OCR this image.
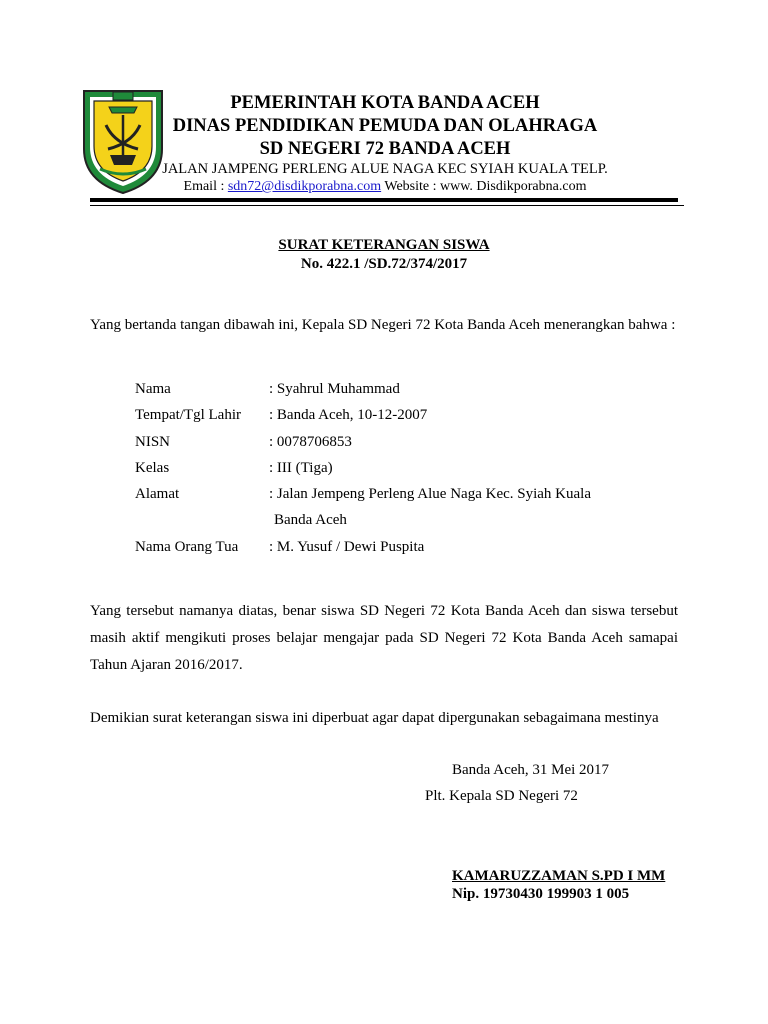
PEMERINTAH KOTA BANDA ACEH
DINAS PENDIDIKAN PEMUDA DAN OLAHRAGA
SD NEGERI 72 BANDA ACEH
JALAN JAMPENG PERLENG ALUE NAGA KEC SYIAH KUALA TELP.
Email : sdn72@disdikporabna.com Website : www. Disdikporabna.com
SURAT KETERANGAN SISWA
No. 422.1 /SD.72/374/2017
Yang bertanda tangan dibawah ini, Kepala SD Negeri 72 Kota Banda Aceh menerangkan bahwa :
Nama	: Syahrul Muhammad
Tempat/Tgl Lahir : Banda Aceh, 10-12-2007
NISN	: 0078706853
Kelas	: III (Tiga)
Alamat	: Jalan Jempeng Perleng Alue Naga Kec. Syiah Kuala
Banda Aceh
Nama Orang Tua : M. Yusuf / Dewi Puspita
Yang tersebut namanya diatas, benar siswa SD Negeri 72 Kota Banda Aceh dan siswa tersebut masih aktif mengikuti proses belajar mengajar pada SD Negeri 72 Kota Banda Aceh samapai Tahun Ajaran 2016/2017.
Demikian surat keterangan siswa ini diperbuat agar dapat dipergunakan sebagaimana mestinya
Banda Aceh, 31 Mei 2017
Plt. Kepala SD Negeri 72
KAMARUZZAMAN S.PD I MM
Nip. 19730430 199903 1 005
